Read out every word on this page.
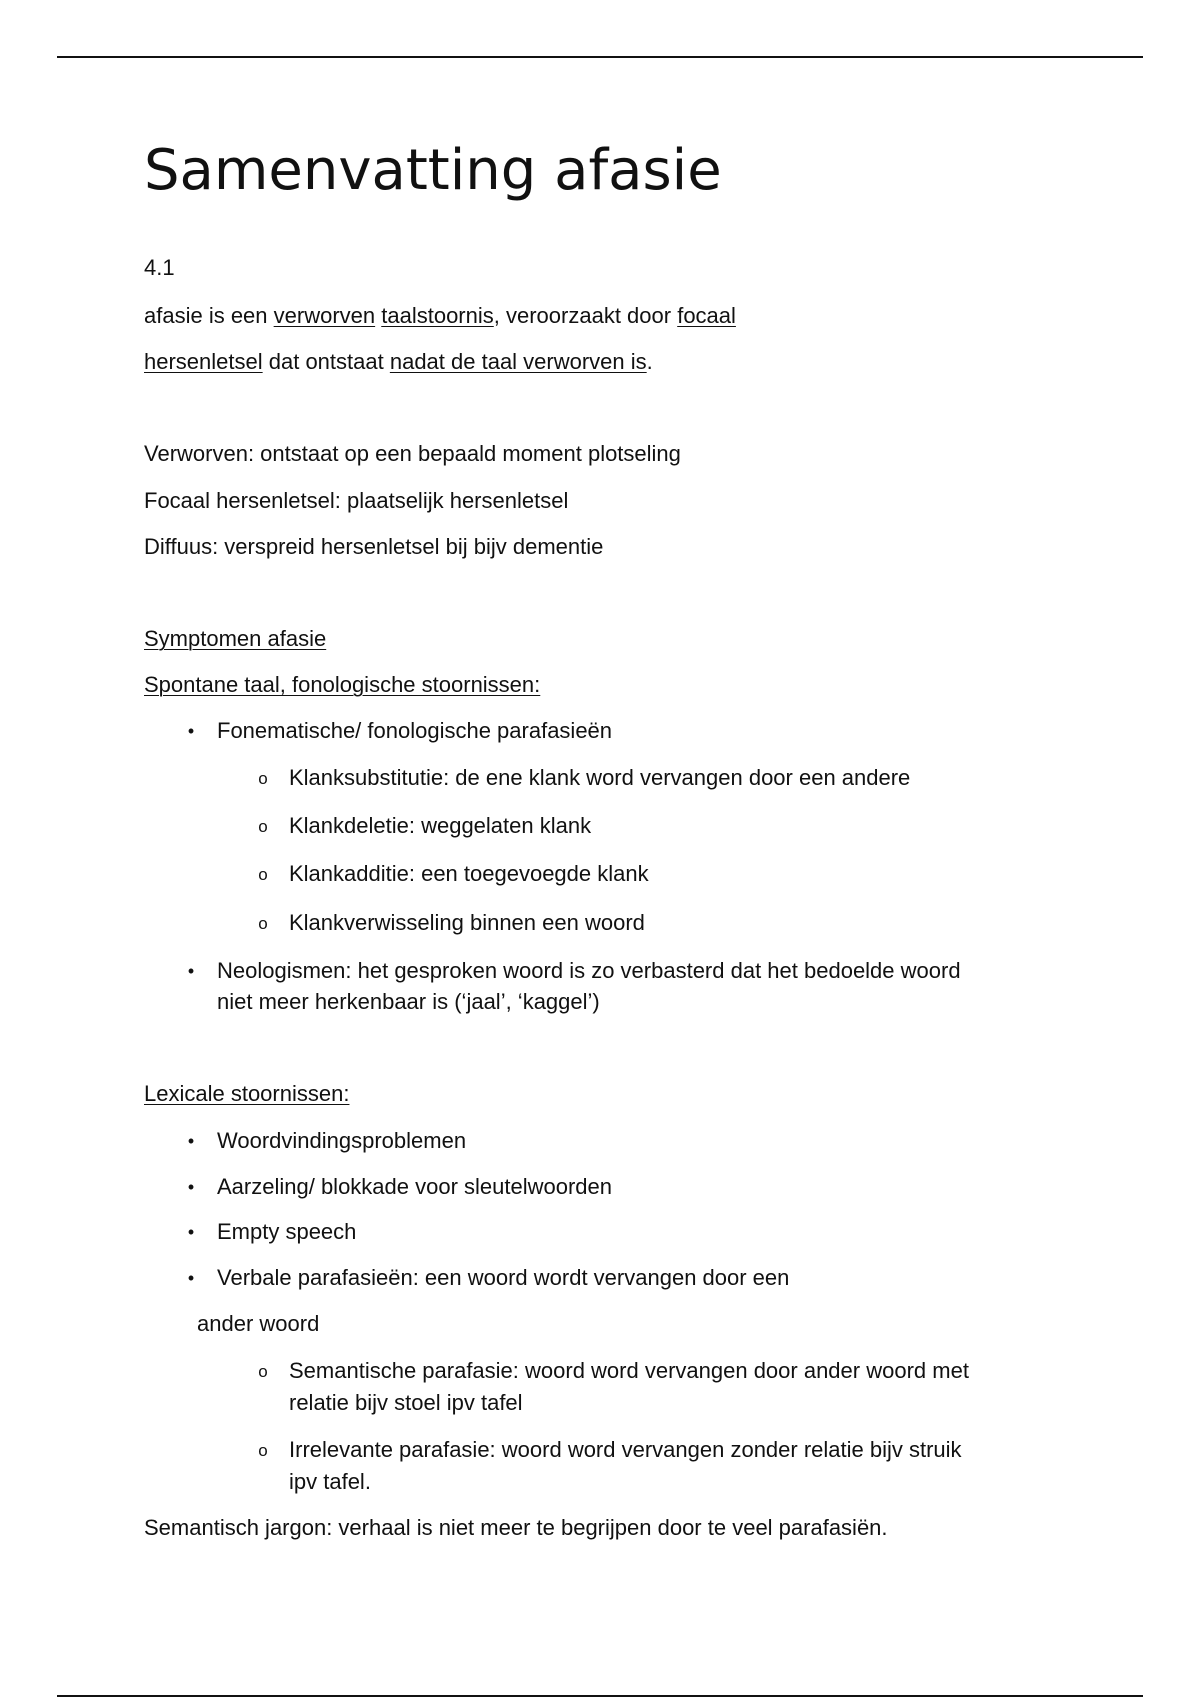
Samenvatting afasie

4.1

afasie is een verworven taalstoornis, veroorzaakt door focaal

hersenletsel dat ontstaat nadat de taal verworven is.

Verworven: ontstaat op een bepaald moment plotseling

Focaal hersenletsel: plaatselijk hersenletsel

Diffuus: verspreid hersenletsel bij bijv dementie

Symptomen afasie

Spontane taal, fonologische stoornissen:

•	Fonematische/ fonologische parafasieën
o Klanksubstitutie: de ene klank word vervangen door een andere
o Klankdeletie: weggelaten klank
o Klankadditie: een toegevoegde klank
o Klankverwisseling binnen een woord
•	Neologismen: het gesproken woord is zo verbasterd dat het bedoelde woord
niet meer herkenbaar is (‘jaal’, ‘kaggel’)

Lexicale stoornissen:

•	Woordvindingsproblemen
•	Aarzeling/ blokkade voor sleutelwoorden
•	Empty speech
•	Verbale parafasieën: een woord wordt vervangen door een

ander woord

o Semantische parafasie: woord word vervangen door ander woord met
relatie bijv stoel ipv tafel
o Irrelevante parafasie: woord word vervangen zonder relatie bijv struik
ipv tafel.

Semantisch jargon: verhaal is niet meer te begrijpen door te veel parafasiën.
